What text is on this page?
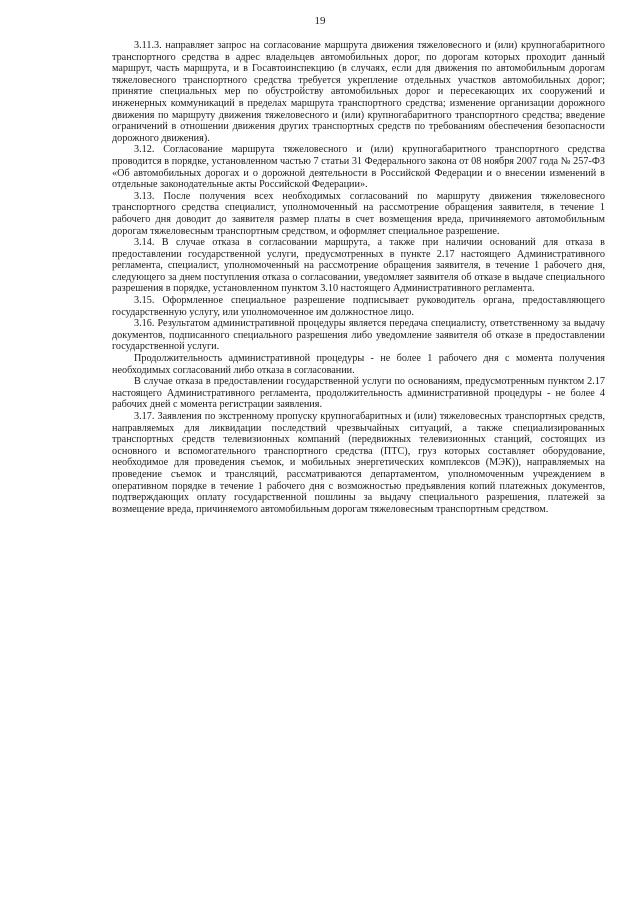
19

3.11.3. направляет запрос на согласование маршрута движения тяжеловесного и (или) крупногабаритного транспортного средства в адрес владельцев автомобильных дорог, по дорогам которых проходит данный маршрут, часть маршрута, и в Госавтоинспекцию (в случаях, если для движения по автомобильным дорогам тяжеловесного транспортного средства требуется укрепление отдельных участков автомобильных дорог; принятие специальных мер по обустройству автомобильных дорог и пересекающих их сооружений и инженерных коммуникаций в пределах маршрута транспортного средства; изменение организации дорожного движения по маршруту движения тяжеловесного и (или) крупногабаритного транспортного средства; введение ограничений в отношении движения других транспортных средств по требованиям обеспечения безопасности дорожного движения).

3.12. Согласование маршрута тяжеловесного и (или) крупногабаритного транспортного средства проводится в порядке, установленном частью 7 статьи 31 Федерального закона от 08 ноября 2007 года № 257-ФЗ «Об автомобильных дорогах и о дорожной деятельности в Российской Федерации и о внесении изменений в отдельные законодательные акты Российской Федерации».

3.13. После получения всех необходимых согласований по маршруту движения тяжеловесного транспортного средства специалист, уполномоченный на рассмотрение обращения заявителя, в течение 1 рабочего дня доводит до заявителя размер платы в счет возмещения вреда, причиняемого автомобильным дорогам тяжеловесным транспортным средством, и оформляет специальное разрешение.

3.14. В случае отказа в согласовании маршрута, а также при наличии оснований для отказа в предоставлении государственной услуги, предусмотренных в пункте 2.17 настоящего Административного регламента, специалист, уполномоченный на рассмотрение обращения заявителя, в течение 1 рабочего дня, следующего за днем поступления отказа о согласовании, уведомляет заявителя об отказе в выдаче специального разрешения в порядке, установленном пунктом 3.10 настоящего Административного регламента.

3.15. Оформленное специальное разрешение подписывает руководитель органа, предоставляющего государственную услугу, или уполномоченное им должностное лицо.

3.16. Результатом административной процедуры является передача специалисту, ответственному за выдачу документов, подписанного специального разрешения либо уведомление заявителя об отказе в предоставлении государственной услуги.

Продолжительность административной процедуры - не более 1 рабочего дня с момента получения необходимых согласований либо отказа в согласовании.

В случае отказа в предоставлении государственной услуги по основаниям, предусмотренным пунктом 2.17 настоящего Административного регламента, продолжительность административной процедуры - не более 4 рабочих дней с момента регистрации заявления.

3.17. Заявления по экстренному пропуску крупногабаритных и (или) тяжеловесных транспортных средств, направляемых для ликвидации последствий чрезвычайных ситуаций, а также специализированных транспортных средств телевизионных компаний (передвижных телевизионных станций, состоящих из основного и вспомогательного транспортного средства (ПТС), груз которых составляет оборудование, необходимое для проведения съемок, и мобильных энергетических комплексов (МЭК)), направляемых на проведение съемок и трансляций, рассматриваются департаментом, уполномоченным учреждением в оперативном порядке в течение 1 рабочего дня с возможностью предъявления копий платежных документов, подтверждающих оплату государственной пошлины за выдачу специального разрешения, платежей за возмещение вреда, причиняемого автомобильным дорогам тяжеловесным транспортным средством.
